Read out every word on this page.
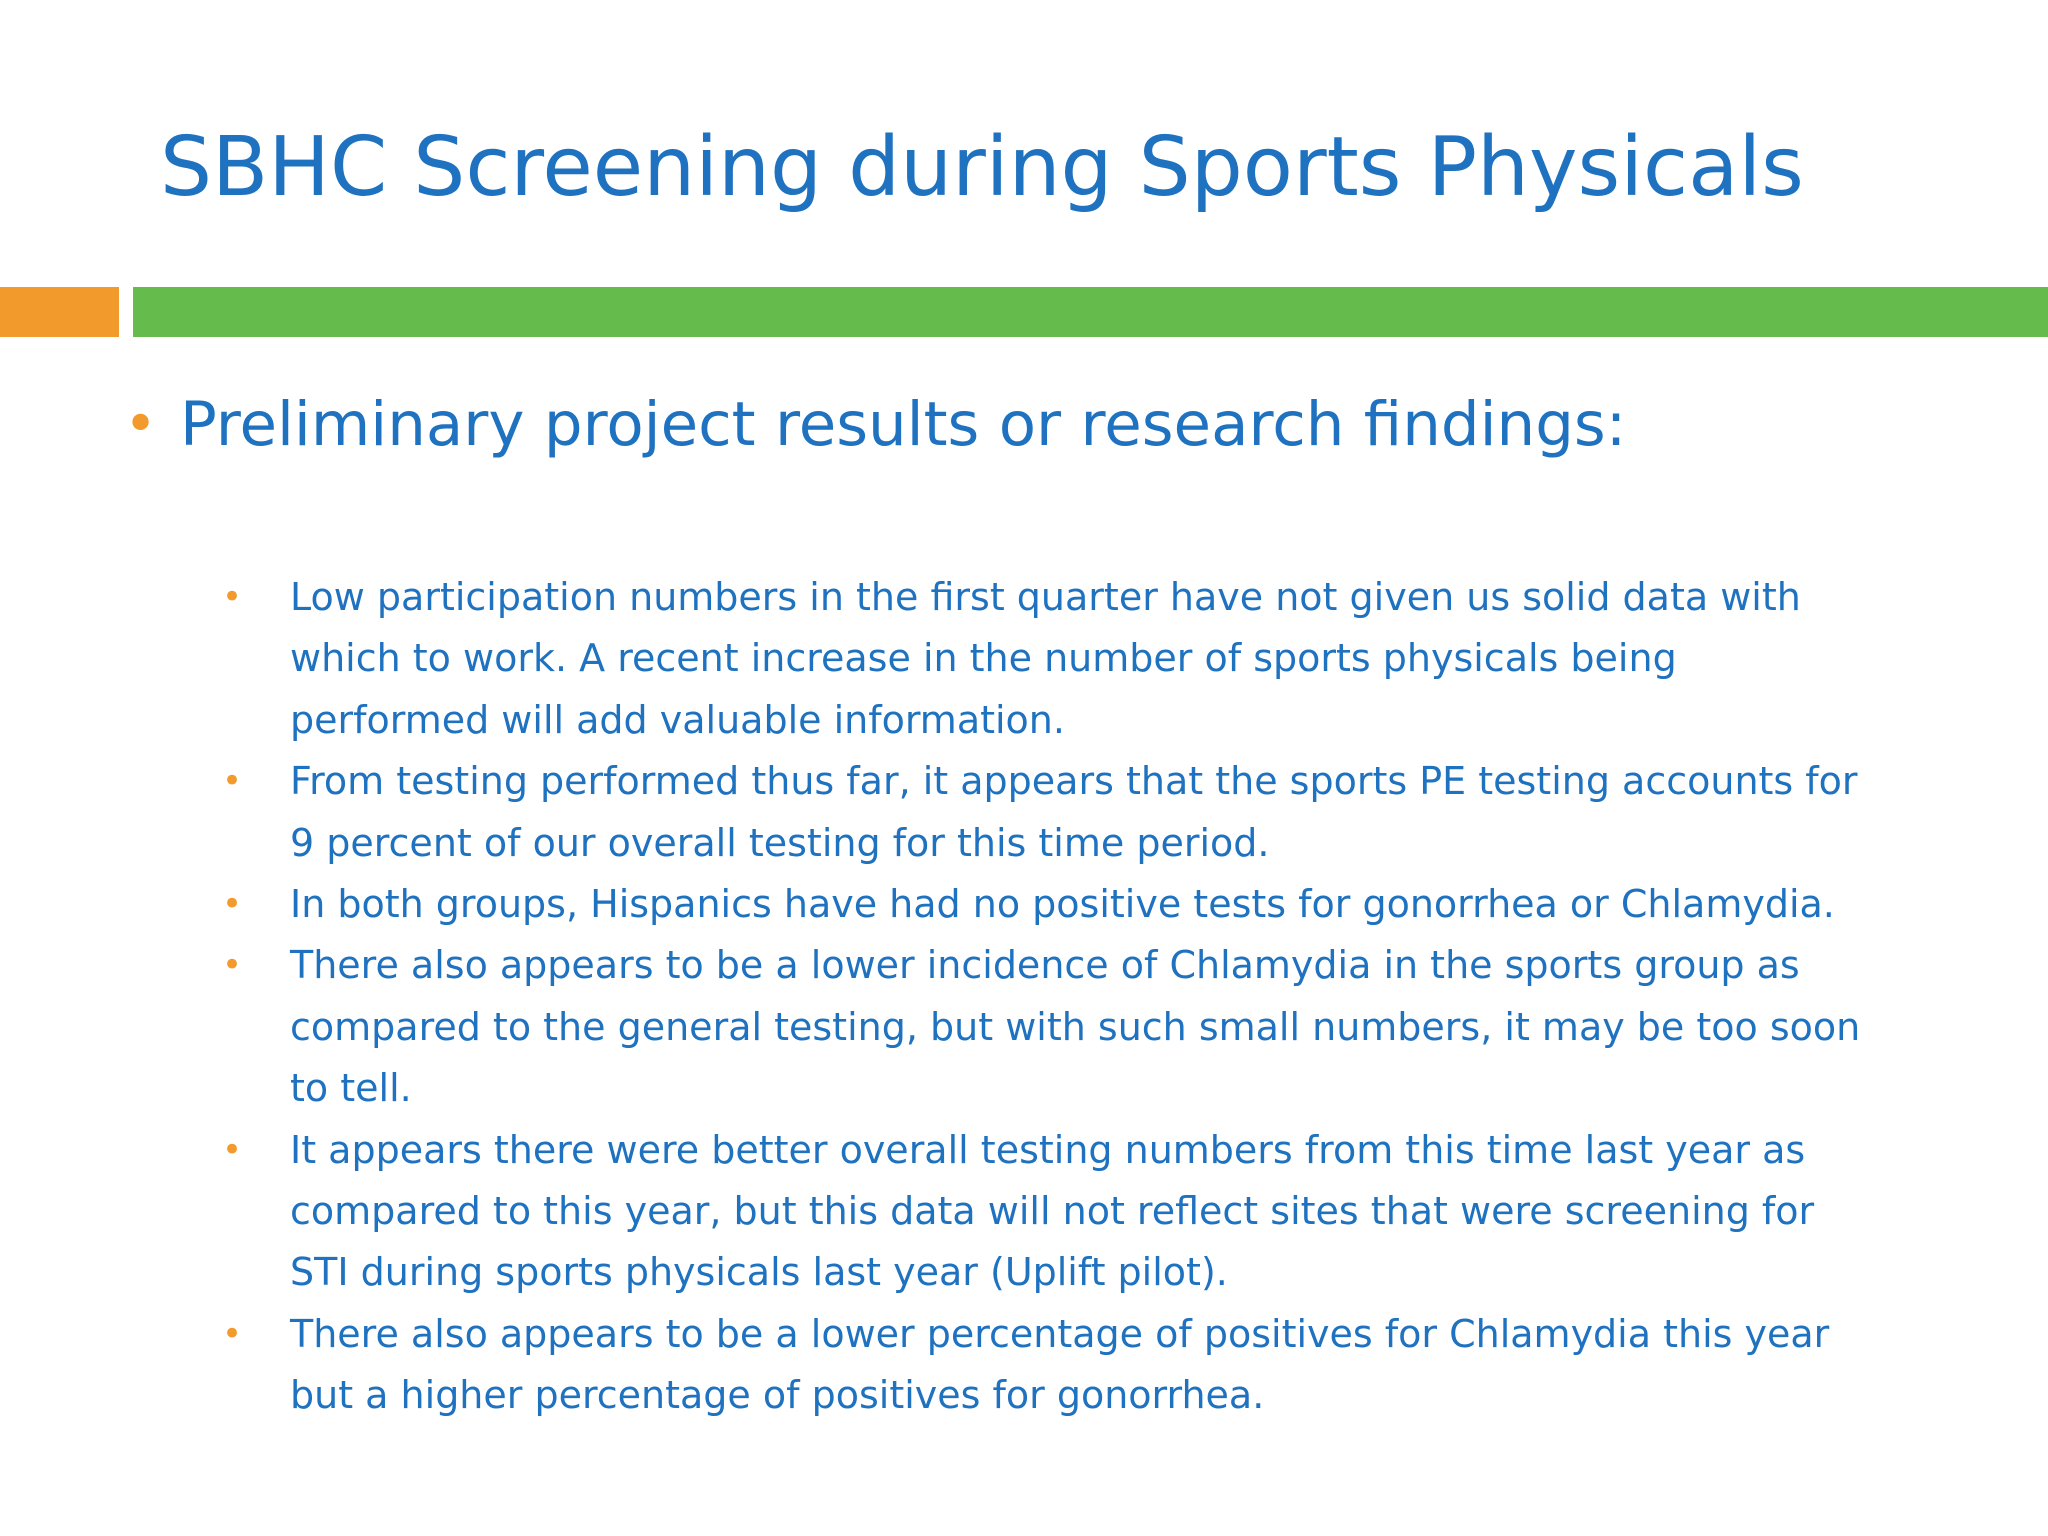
SBHC Screening during Sports Physicals
• Preliminary project results or research findings:
• Low participation numbers in the first quarter have not given us solid data with which to work. A recent increase in the number of sports physicals being performed will add valuable information.
• From testing performed thus far, it appears that the sports PE testing accounts for 9 percent of our overall testing for this time period.
• In both groups, Hispanics have had no positive tests for gonorrhea or Chlamydia.
• There also appears to be a lower incidence of Chlamydia in the sports group as compared to the general testing, but with such small numbers, it may be too soon to tell.
• It appears there were better overall testing numbers from this time last year as compared to this year, but this data will not reflect sites that were screening for STI during sports physicals last year (Uplift pilot).
• There also appears to be a lower percentage of positives for Chlamydia this year but a higher percentage of positives for gonorrhea.
